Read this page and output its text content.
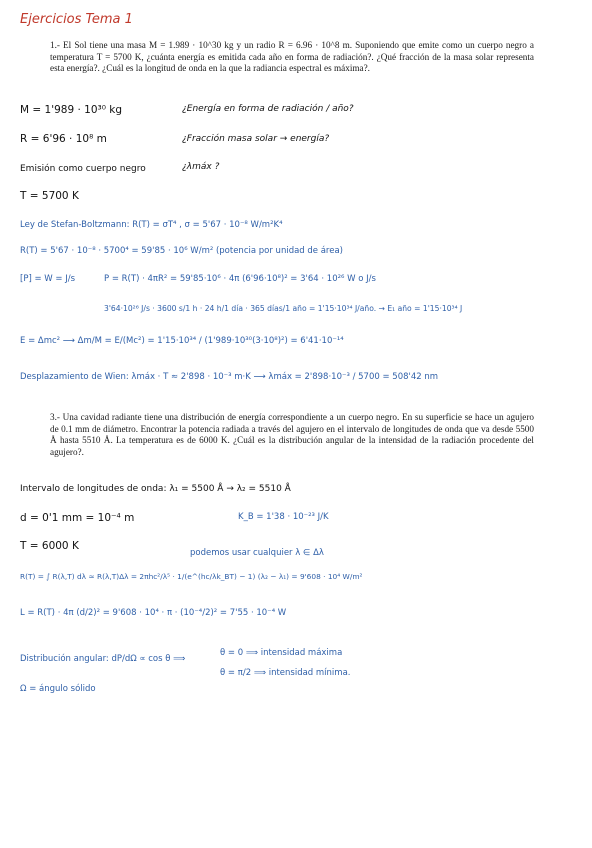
Ejercicios Tema 1
1.- El Sol tiene una masa M = 1.989 · 10^30 kg y un radio R = 6.96 · 10^8 m. Suponiendo que emite como un cuerpo negro a temperatura T = 5700 K, ¿cuánta energía es emitida cada año en forma de radiación?. ¿Qué fracción de la masa solar representa esta energía?. ¿Cuál es la longitud de onda en la que la radiancia espectral es máxima?.
M = 1'989 · 10³⁰ kg	¿Energía en forma de radiación / año?
R = 6'96 · 10⁸ m	¿Fracción masa solar → energía?
Emisión como cuerpo negro	¿λmáx ?
T = 5700 K
Ley de Stefan-Boltzmann: R(T) = σT⁴ , σ = 5'67 · 10⁻⁸ W/m²K⁴
R(T) = 5'67 · 10⁻⁸ · 5700⁴ = 59'85 · 10⁶ W/m² (potencia por unidad de área)
[P] = W = J/s	P = R(T) · 4πR² = 59'85·10⁶ · 4π (6'96·10⁸)² = 3'64 · 10²⁶ W o J/s
3'64·10²⁶ J/s · 3600 s/1 h · 24 h/1 día · 365 días/1 año = 1'15·10³⁴ J/año. → E₁ año = 1'15·10³⁴ J
E = Δmc² ⟶ Δm/M = E/(Mc²) = 1'15·10³⁴ / (1'989·10³⁰(3·10⁸)²) = 6'41·10⁻¹⁴
Desplazamiento de Wien: λmáx · T ≈ 2'898 · 10⁻³ m·K ⟶ λmáx = 2'898·10⁻³ / 5700 = 508'42 nm
3.- Una cavidad radiante tiene una distribución de energía correspondiente a un cuerpo negro. En su superficie se hace un agujero de 0.1 mm de diámetro. Encontrar la potencia radiada a través del agujero en el intervalo de longitudes de onda que va desde 5500 Å hasta 5510 Å. La temperatura es de 6000 K. ¿Cuál es la distribución angular de la intensidad de la radiación procedente del agujero?.
Intervalo de longitudes de onda: λ₁ = 5500 Å → λ₂ = 5510 Å
d = 0'1 mm = 10⁻⁴ m	K_B = 1'38 · 10⁻²³ J/K
T = 6000 K
podemos usar cualquier λ ∈ Δλ
R(T) = ∫ R(λ,T) dλ ≃ R(λ,T)Δλ = 2πhc²/λ⁵ · 1/(e^(hc/λk_BT) − 1) (λ₂ − λ₁) = 9'608 · 10⁴ W/m²
L = R(T) · 4π (d/2)² = 9'608 · 10⁴ · π · (10⁻⁴/2)² = 7'55 · 10⁻⁴ W
Distribución angular: dP/dΩ ∝ cos θ ⟹
θ = 0 ⟹ intensidad máxima
θ = π/2 ⟹ intensidad mínima.
Ω = ángulo sólido
